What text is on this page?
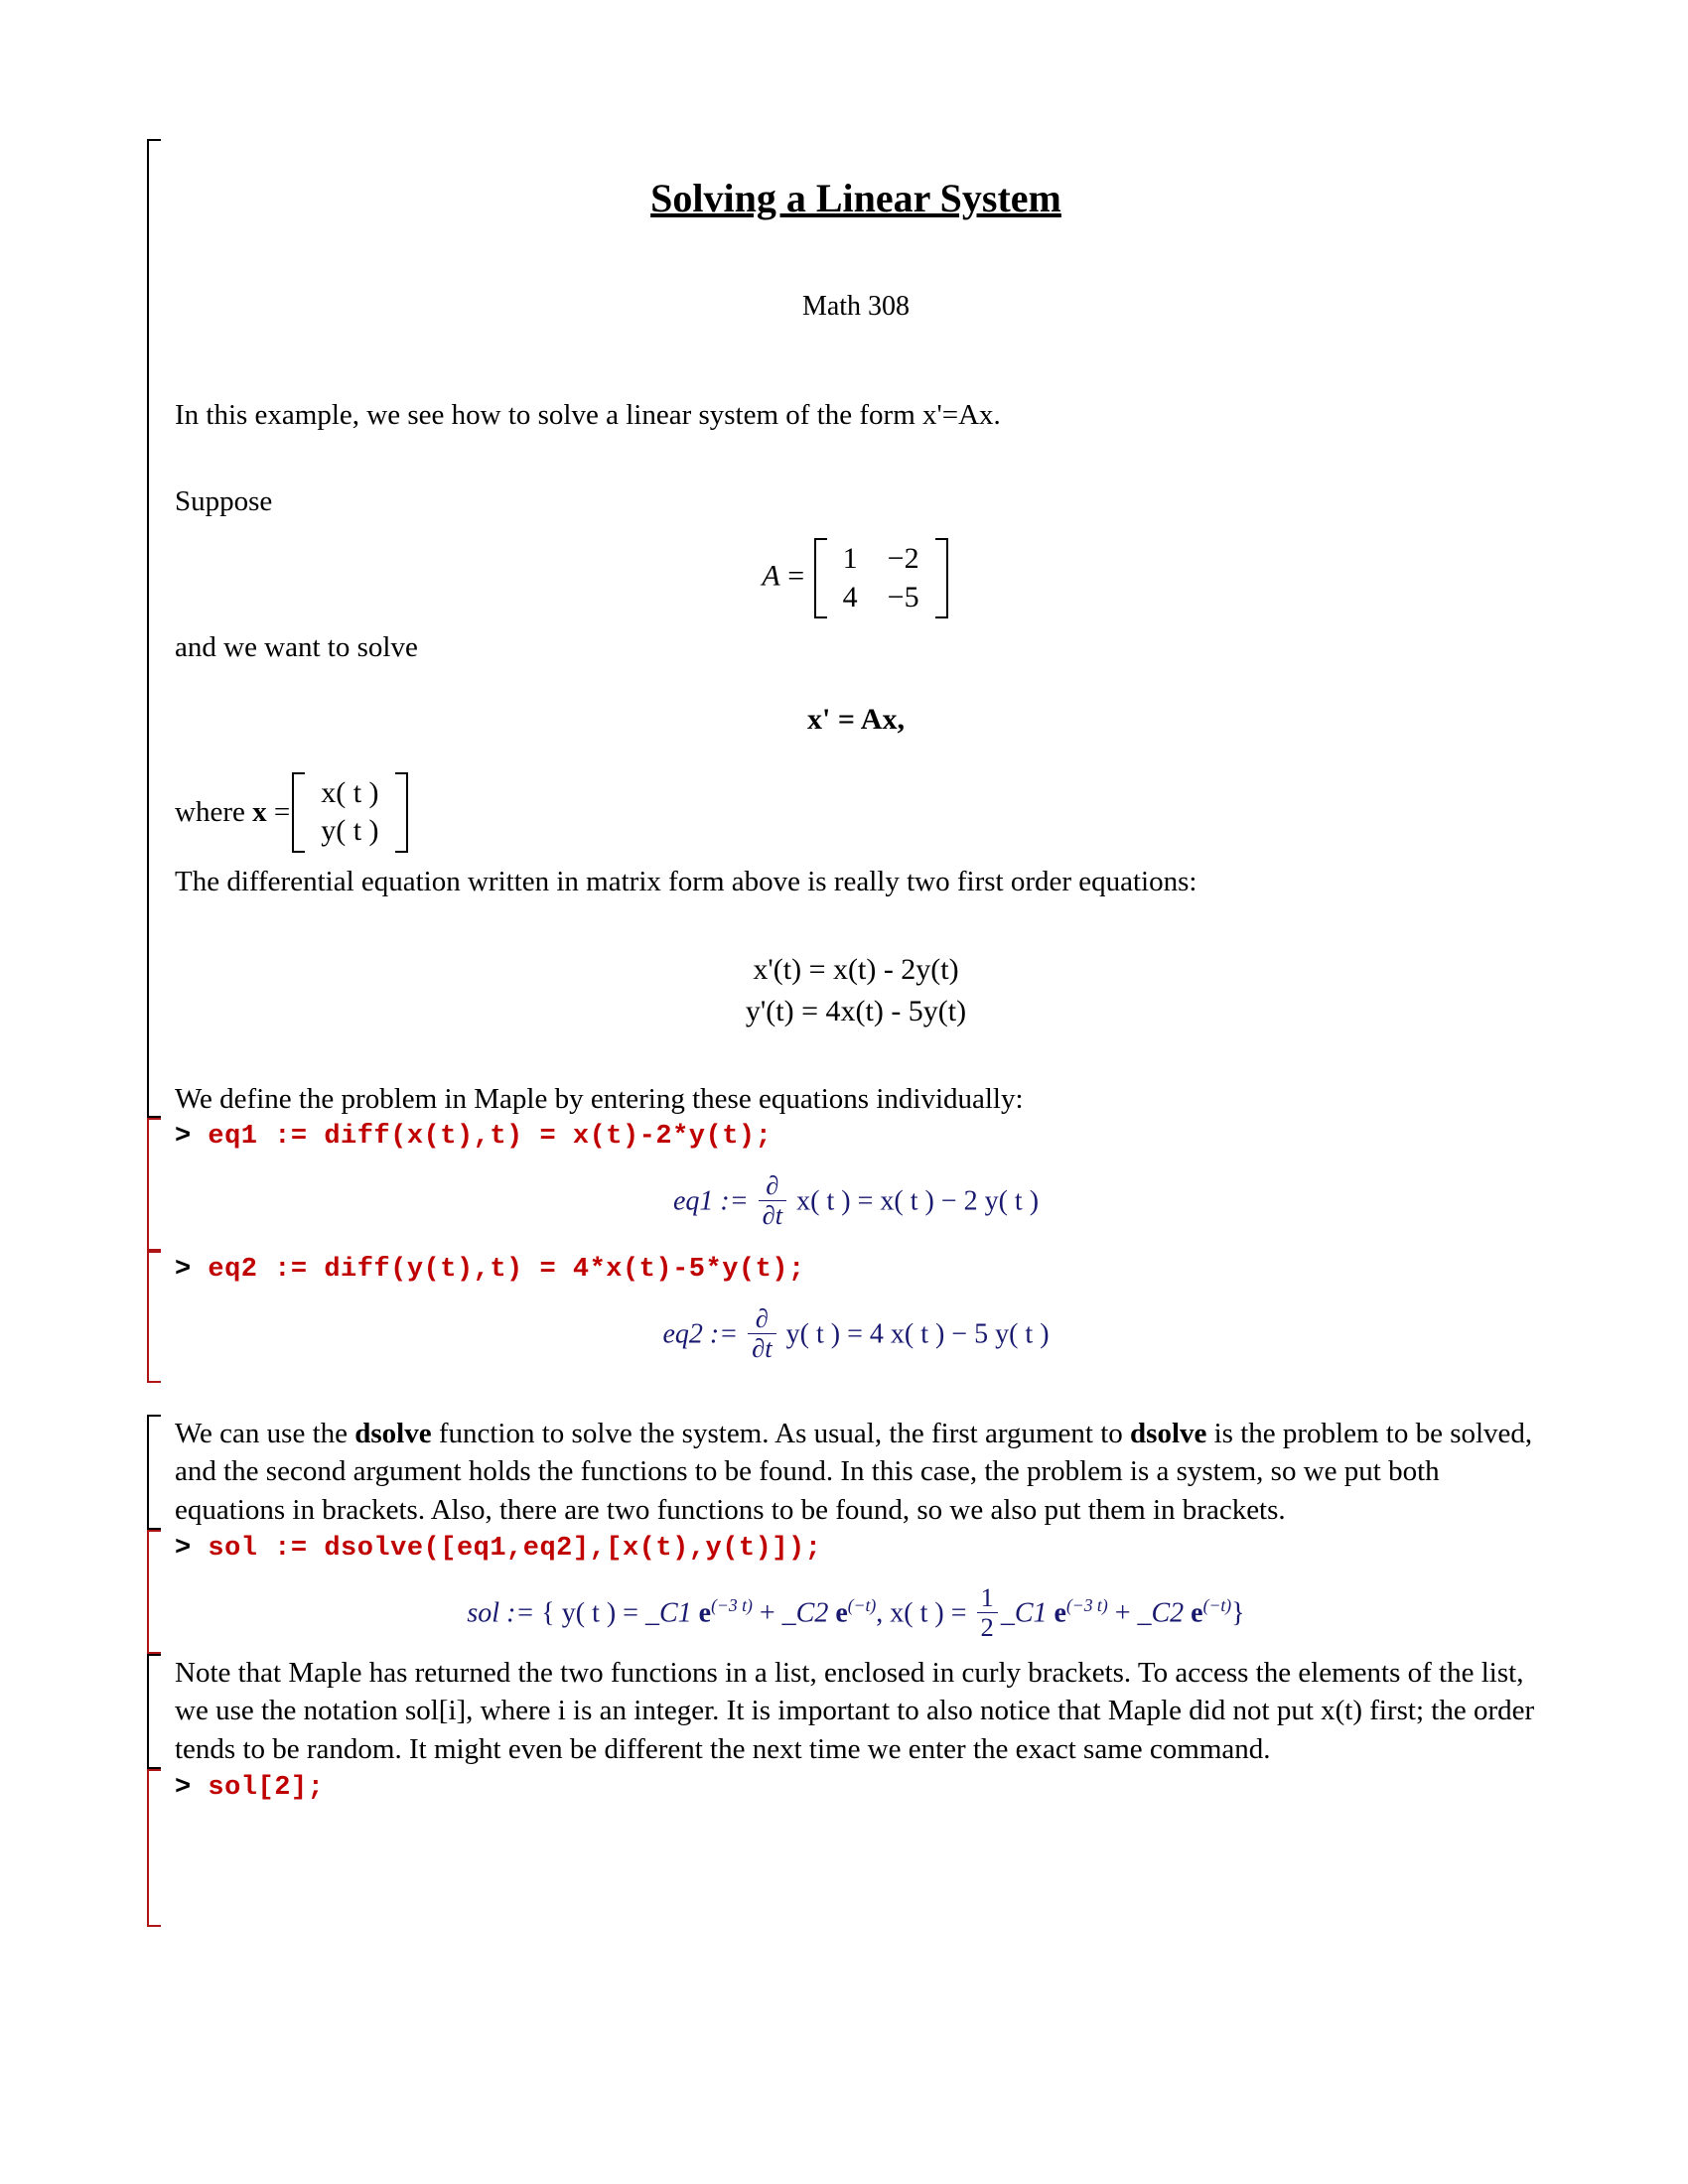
Solving a Linear System
Math 308

In this example, we see how to solve a linear system of the form x'=Ax.

Suppose

A =
1	−2
4	−5

and we want to solve

x' = Ax,
where
x
=
x( t )
y( t )

The differential equation written in matrix form above is really two first order equations:

x'(t) = x(t) - 2y(t)
y'(t) = 4x(t) - 5y(t)

We define the problem in Maple by entering these equations individually:

> eq1 := diff(x(t),t) = x(t)-2*y(t);
eq1 := $\frac{\partial}{\partial t} x$( t ) = x( t ) − 2 y( t )
> eq2 := diff(y(t),t) = 4*x(t)-5*y(t);
eq2 := $\frac{\partial}{\partial t} y$( t ) = 4 x( t ) − 5 y( t )

We can use the dsolve function to solve the system. As usual, the first argument to dsolve is the problem to be solved, and the second argument holds the functions to be found. In this case, the problem is a system, so we put both equations in brackets. Also, there are two functions to be found, so we also put them in brackets.

> sol := dsolve([eq1,eq2],[x(t),y(t)]);
sol := { y( t ) = _C1 $e^{(-3 t)}$ + _C2 $e^{(-t)}$, x( t ) = $\frac{1}{2}$ _C1 $e^{(-3 t)}$ + _C2 $e^{(-t)}$}

Note that Maple has returned the two functions in a list, enclosed in curly brackets. To access the elements of the list, we use the notation sol[i], where i is an integer. It is important to also notice that Maple did not put x(t) first; the order tends to be random. It might even be different the next time we enter the exact same command.

> sol[2];
